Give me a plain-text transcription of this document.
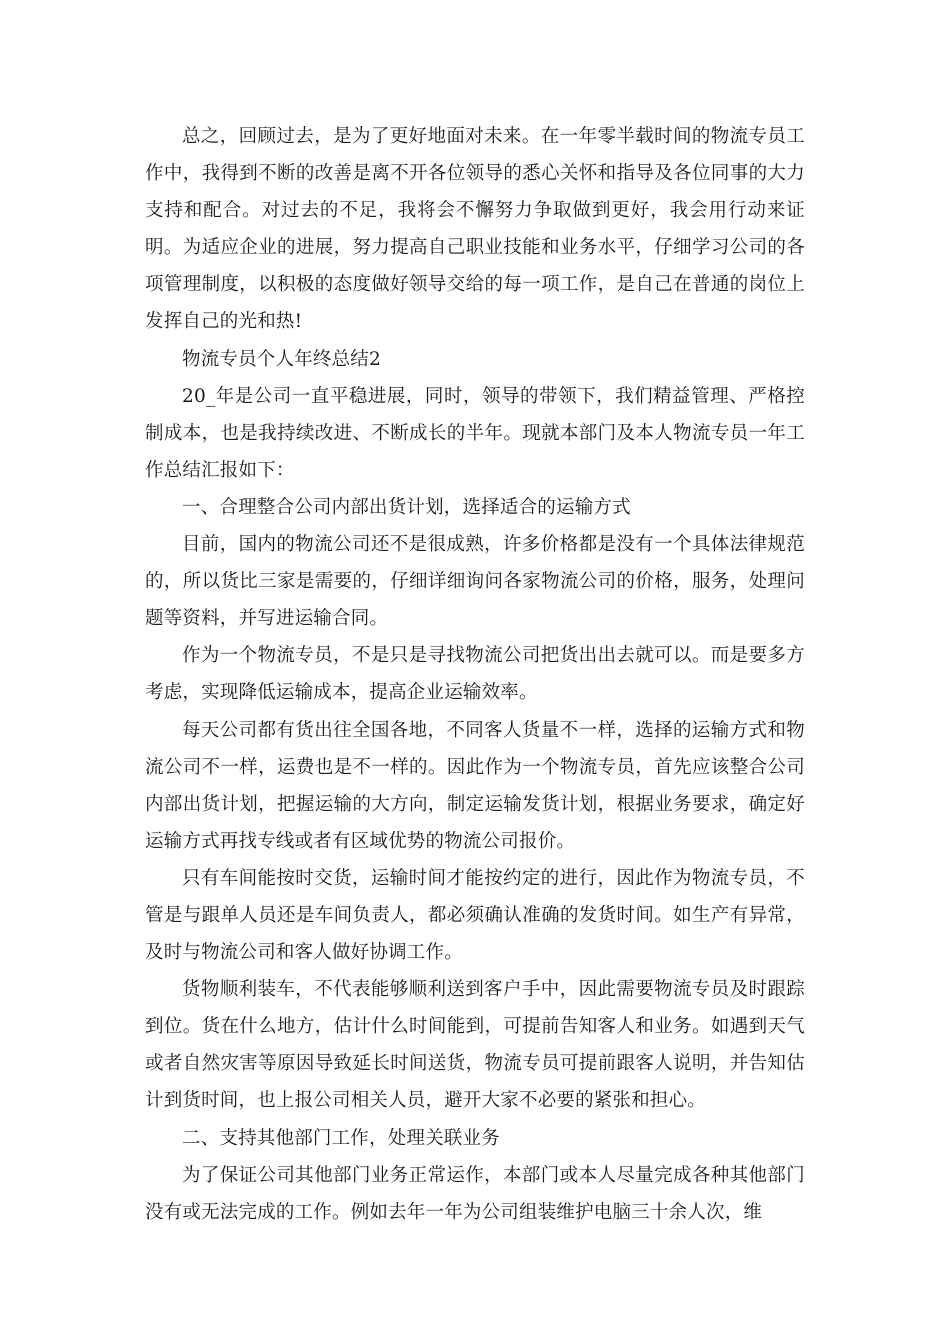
总之，回顾过去，是为了更好地面对未来。在一年零半载时间的物流专员工作中，我得到不断的改善是离不开各位领导的悉心关怀和指导及各位同事的大力支持和配合。对过去的不足，我将会不懈努力争取做到更好，我会用行动来证明。为适应企业的进展，努力提高自己职业技能和业务水平，仔细学习公司的各项管理制度，以积极的态度做好领导交给的每一项工作，是自己在普通的岗位上发挥自己的光和热!

物流专员个人年终总结2

20_年是公司一直平稳进展，同时，领导的带领下，我们精益管理、严格控制成本，也是我持续改进、不断成长的半年。现就本部门及本人物流专员一年工作总结汇报如下：

一、合理整合公司内部出货计划，选择适合的运输方式

目前，国内的物流公司还不是很成熟，许多价格都是没有一个具体法律规范的，所以货比三家是需要的，仔细详细询问各家物流公司的价格，服务，处理问题等资料，并写进运输合同。

作为一个物流专员，不是只是寻找物流公司把货出出去就可以。而是要多方考虑，实现降低运输成本，提高企业运输效率。

每天公司都有货出往全国各地，不同客人货量不一样，选择的运输方式和物流公司不一样，运费也是不一样的。因此作为一个物流专员，首先应该整合公司内部出货计划，把握运输的大方向，制定运输发货计划，根据业务要求，确定好运输方式再找专线或者有区域优势的物流公司报价。

只有车间能按时交货，运输时间才能按约定的进行，因此作为物流专员，不管是与跟单人员还是车间负责人，都必须确认准确的发货时间。如生产有异常，及时与物流公司和客人做好协调工作。

货物顺利装车，不代表能够顺利送到客户手中，因此需要物流专员及时跟踪到位。货在什么地方，估计什么时间能到，可提前告知客人和业务。如遇到天气或者自然灾害等原因导致延长时间送货，物流专员可提前跟客人说明，并告知估计到货时间，也上报公司相关人员，避开大家不必要的紧张和担心。

二、支持其他部门工作，处理关联业务

为了保证公司其他部门业务正常运作，本部门或本人尽量完成各种其他部门没有或无法完成的工作。例如去年一年为公司组装维护电脑三十余人次，维
